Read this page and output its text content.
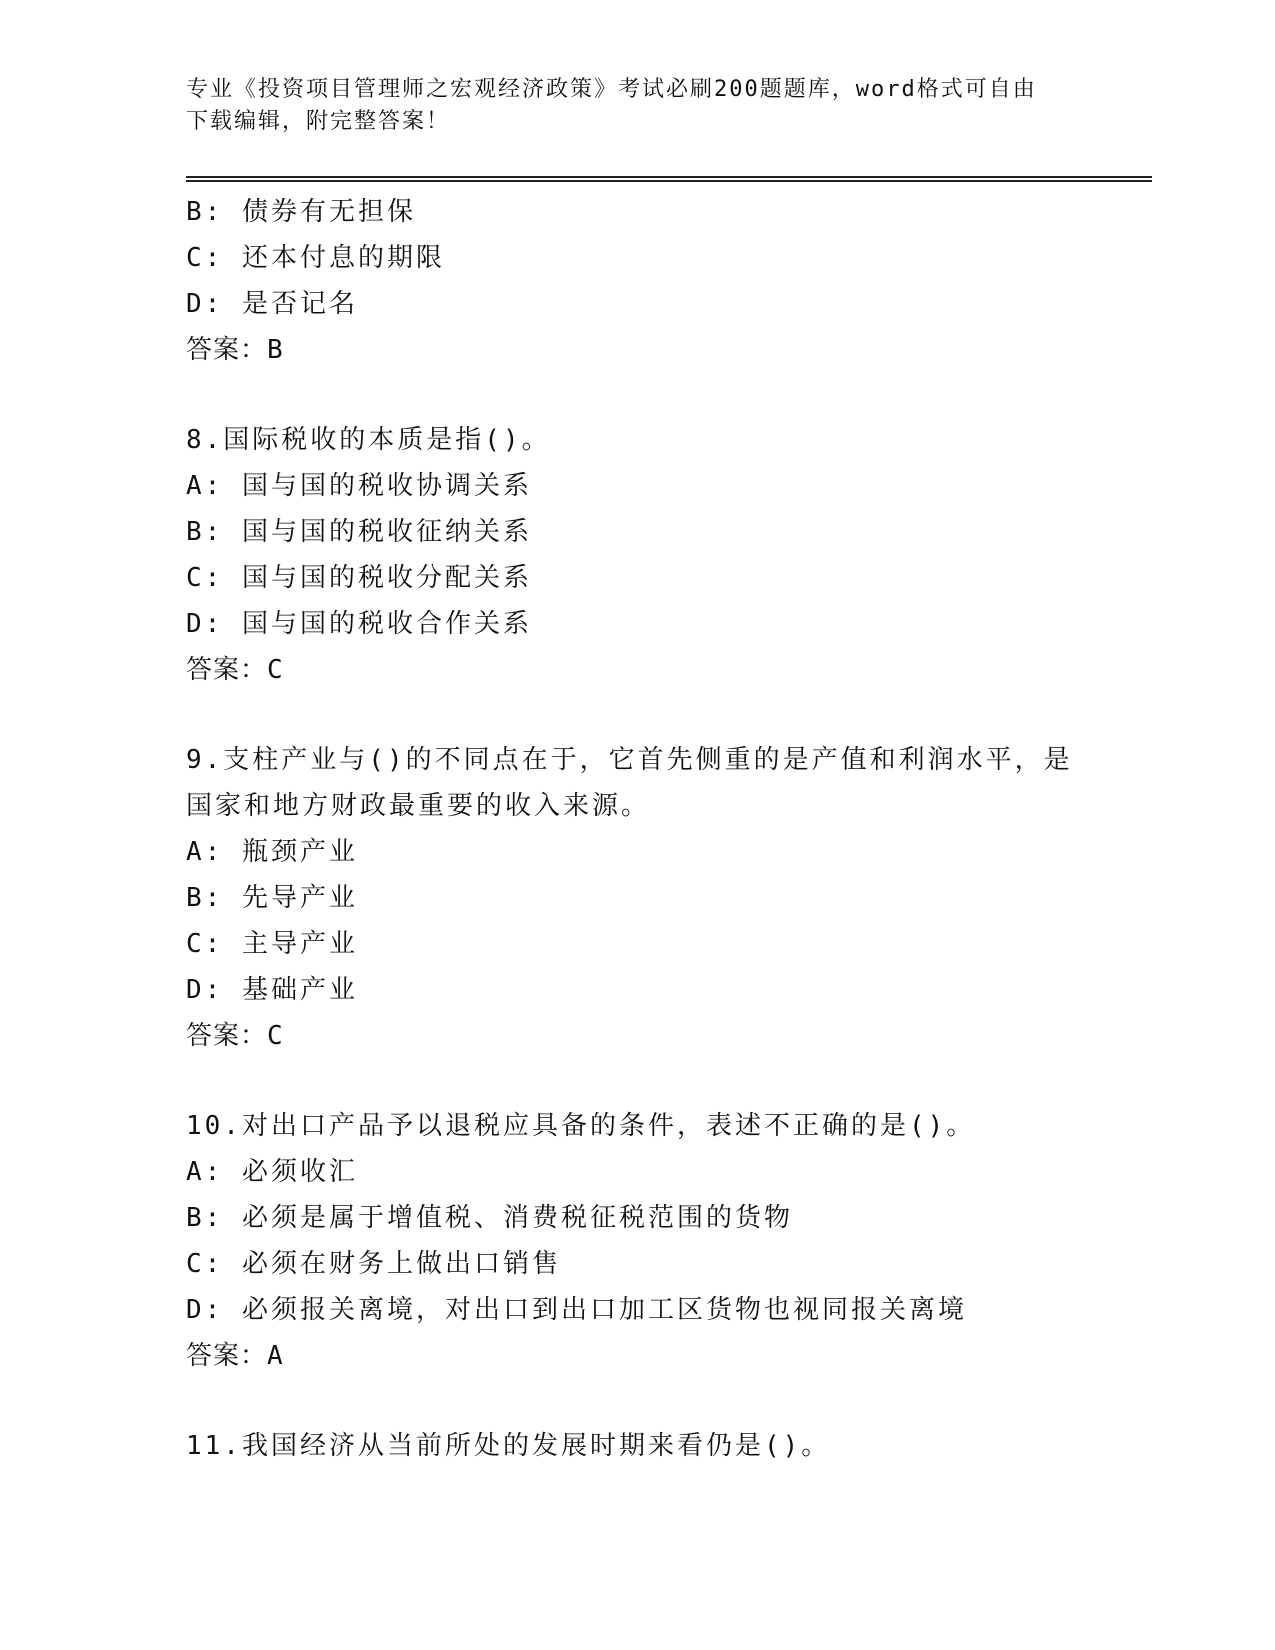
专业《投资项目管理师之宏观经济政策》考试必刷200题题库，word格式可自由
下载编辑，附完整答案！
B: 债券有无担保
C: 还本付息的期限
D: 是否记名
答案：B
8.国际税收的本质是指()。
A: 国与国的税收协调关系
B: 国与国的税收征纳关系
C: 国与国的税收分配关系
D: 国与国的税收合作关系
答案：C
9.支柱产业与()的不同点在于，它首先侧重的是产值和利润水平，是
国家和地方财政最重要的收入来源。
A: 瓶颈产业
B: 先导产业
C: 主导产业
D: 基础产业
答案：C
10.对出口产品予以退税应具备的条件，表述不正确的是()。
A: 必须收汇
B: 必须是属于增值税、消费税征税范围的货物
C: 必须在财务上做出口销售
D: 必须报关离境，对出口到出口加工区货物也视同报关离境
答案：A
11.我国经济从当前所处的发展时期来看仍是()。
